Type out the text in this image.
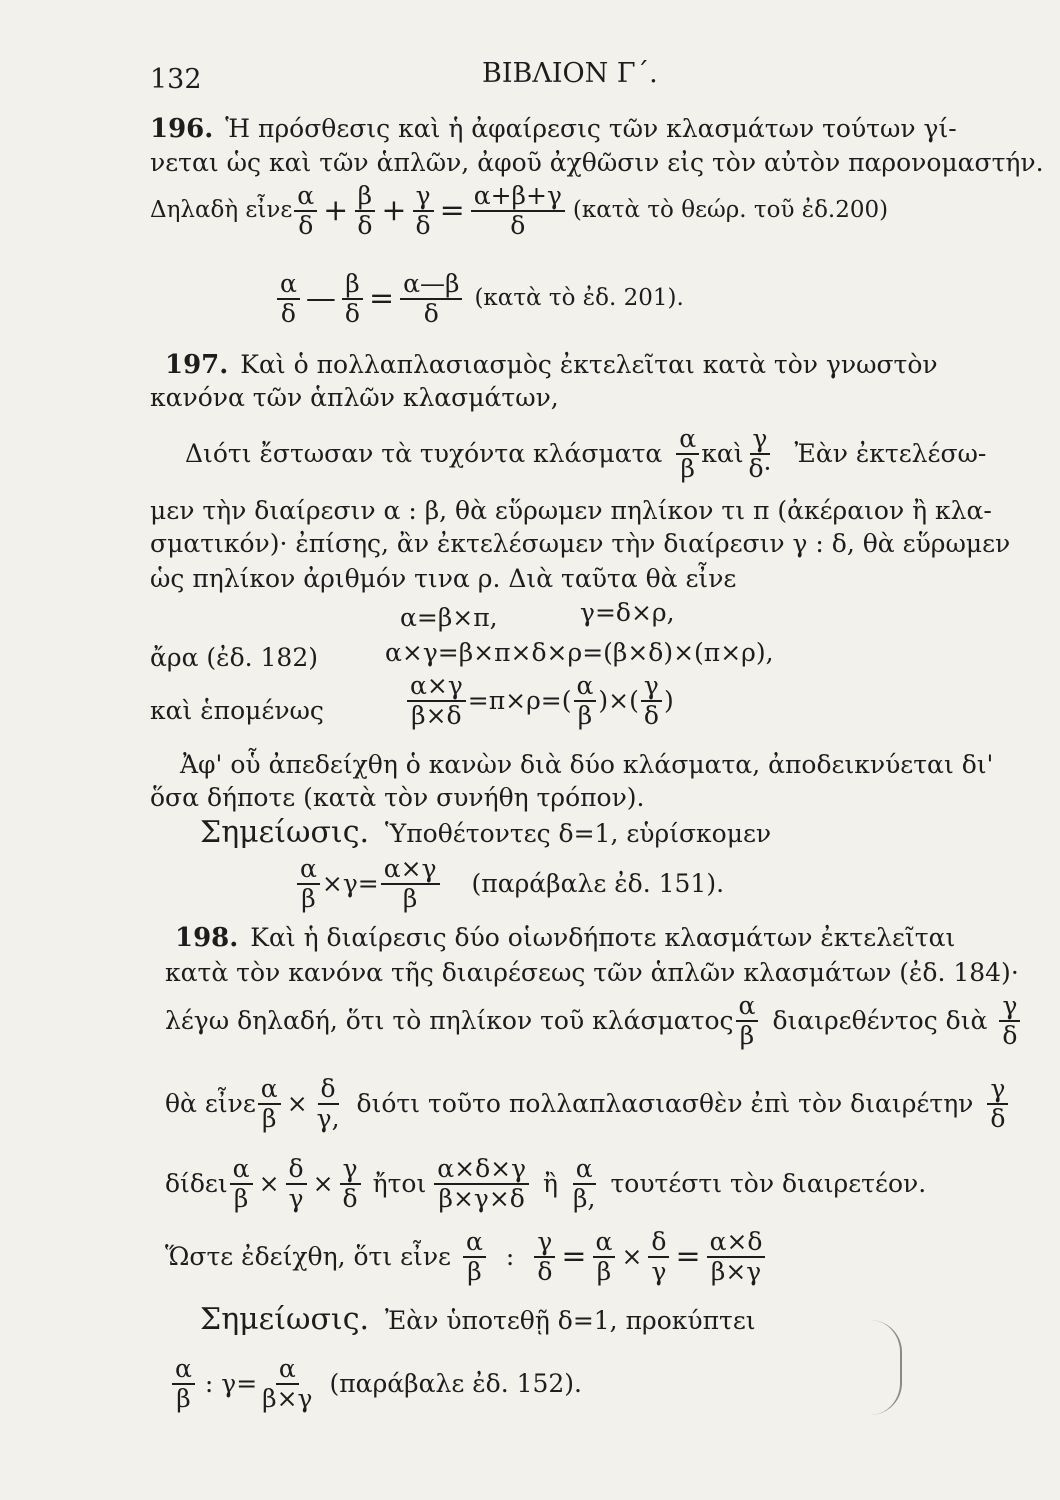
132	ΒΙΒΛΙΟΝ Γ΄.
196. Ἡ πρόσθεσις καὶ ἡ ἀφαίρεσις τῶν κλασμάτων τούτων γί-
νεται ὡς καὶ τῶν ἁπλῶν, ἀφοῦ ἀχθῶσιν εἰς τὸν αὐτὸν παρονομαστήν.
Δηλαδὴ εἶνε $\frac{\alpha}{\delta} + \frac{\beta}{\delta} + \frac{\gamma}{\delta} = \frac{\alpha+\beta+\gamma}{\delta}$ (κατὰ τὸ θεώρ. τοῦ ἐδ.200)
$\frac{\alpha}{\delta}$ — $\frac{\beta}{\delta} = \frac{\alpha—\beta}{\delta}$ (κατὰ τὸ ἐδ. 201).
197. Καὶ ὁ πολλαπλασιασμὸς ἐκτελεῖται κατὰ τὸν γνωστὸν
κανόνα τῶν ἁπλῶν κλασμάτων,
Διότι ἔστωσαν τὰ τυχόντα κλάσματα $\frac{\alpha}{\beta}$ καὶ $\frac{\gamma}{\delta\cdot}$ Ἐὰν ἐκτελέσω-
μεν τὴν διαίρεσιν α : β, θὰ εὕρωμεν πηλίκον τι π (ἀκέραιον ἢ κλα-
σματικόν)· ἐπίσης, ἂν ἐκτελέσωμεν τὴν διαίρεσιν γ : δ, θὰ εὕρωμεν
ὡς πηλίκον ἀριθμόν τινα ρ. Διὰ ταῦτα θὰ εἶνε
α=β×π,	γ=δ×ρ,
ἄρα (ἐδ. 182)	α×γ=β×π×δ×ρ=(β×δ)×(π×ρ),
καὶ ἑπομένως	$\frac{\alpha\times\gamma}{\beta\times\delta} =\pi\times\rho=( \frac{\alpha}{\beta}$ )×( $\frac{\gamma}{\delta}$ )
Ἀφ' οὗ ἀπεδείχθη ὁ κανὼν διὰ δύο κλάσματα, ἀποδεικνύεται δι'
ὅσα δήποτε (κατὰ τὸν συνήθη τρόπον).
Σημείωσις. Ὑποθέτοντες δ=1, εὑρίσκομεν
$\frac{\alpha}{\beta} \times\gamma= \frac{\alpha\times\gamma}{\beta} (\pi\alpha\rho ά\beta\alpha\lambda\varepsilon$ ἐδ. 151).
198. Καὶ ἡ διαίρεσις δύο οἱωνδήποτε κλασμάτων ἐκτελεῖται
κατὰ τὸν κανόνα τῆς διαιρέσεως τῶν ἁπλῶν κλασμάτων (ἐδ. 184)·
λέγω δηλαδή, ὅτι τὸ πηλίκον τοῦ κλάσματος $\frac{\alpha}{\beta}$ διαιρεθέντος διὰ $\frac{\gamma}{\delta}$
θὰ εἶνε $\frac{\alpha}{\beta} \times \frac{\delta}{\gamma,}$ διότι τοῦτο πολλαπλασιασθὲν ἐπὶ τὸν διαιρέτην $\frac{\gamma}{\delta}$
δίδει $\frac{\alpha}{\beta} \times \frac{\delta}{\gamma} \times \frac{\gamma}{\delta}$ ἤτοι $\frac{\alpha\times\delta\times\gamma}{\beta\times\gamma\times\delta}$ ἢ $\frac{\alpha}{\beta,}$ τουτέστι τὸν διαιρετέον.
Ὥστε ἐδείχθη, ὅτι εἶνε $\frac{\alpha}{\beta}$ : $\frac{\gamma}{\delta} = \frac{\alpha}{\beta} \times \frac{\delta}{\gamma} = \frac{\alpha\times\delta}{\beta\times\gamma}$
Σημείωσις. Ἐὰν ὑποτεθῇ δ=1, προκύπτει
$\frac{\alpha}{\beta}$ : $\gamma= \frac{\alpha}{\beta\times\gamma} (\pi\alpha\rho ά\beta\alpha\lambda\varepsilon$ ἐδ. 152).
